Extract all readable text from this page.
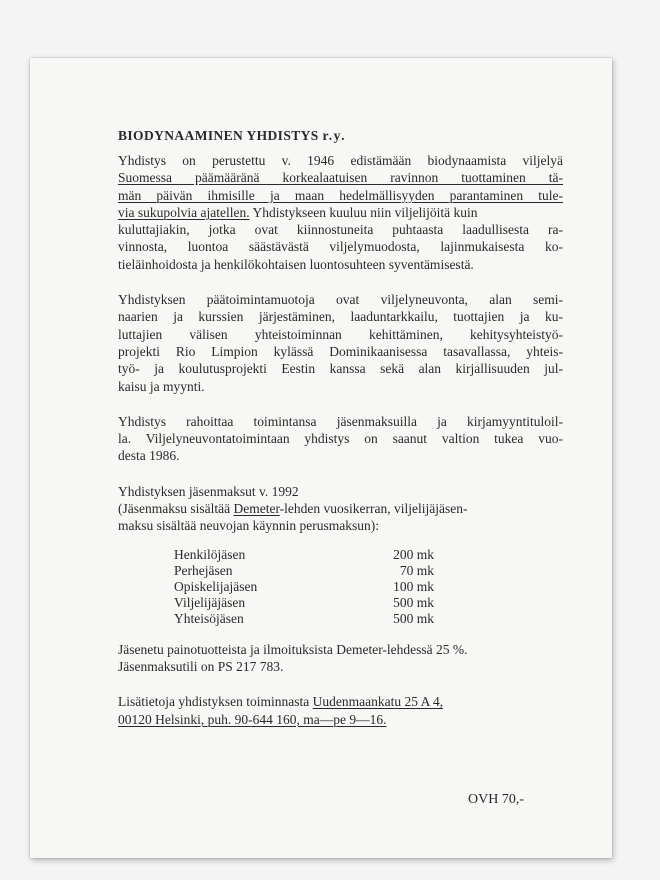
BIODYNAAMINEN YHDISTYS r.y.
Yhdistys on perustettu v. 1946 edistämään biodynaamista viljelyä
Suomessa päämääränä korkealaatuisen ravinnon tuottaminen tä-
män päivän ihmisille ja maan hedelmällisyyden parantaminen tule-
via sukupolvia ajatellen. Yhdistykseen kuuluu niin viljelijöitä kuin
kuluttajiakin, jotka ovat kiinnostuneita puhtaasta laadullisesta ra-
vinnosta, luontoa säästävästä viljelymuodosta, lajinmukaisesta ko-
tieläinhoidosta ja henkilökohtaisen luontosuhteen syventämisestä.
Yhdistyksen päätoimintamuotoja ovat viljelyneuvonta, alan semi-
naarien ja kurssien järjestäminen, laaduntarkkailu, tuottajien ja ku-
luttajien välisen yhteistoiminnan kehittäminen, kehitysyhteistyö-
projekti Rio Limpion kylässä Dominikaanisessa tasavallassa, yhteis-
työ- ja koulutusprojekti Eestin kanssa sekä alan kirjallisuuden jul-
kaisu ja myynti.
Yhdistys rahoittaa toimintansa jäsenmaksuilla ja kirjamyyntituloil-
la. Viljelyneuvontatoimintaan yhdistys on saanut valtion tukea vuo-
desta 1986.
Yhdistyksen jäsenmaksut v. 1992
(Jäsenmaksu sisältää Demeter-lehden vuosikerran, viljelijäjäsen-
maksu sisältää neuvojan käynnin perusmaksun):
Henkilöjäsen	200 mk
Perhejäsen	70 mk
Opiskelijajäsen	100 mk
Viljelijäjäsen	500 mk
Yhteisöjäsen	500 mk
Jäsenetu painotuotteista ja ilmoituksista Demeter-lehdessä 25 %.
Jäsenmaksutili on PS 217 783.
Lisätietoja yhdistyksen toiminnasta Uudenmaankatu 25 A 4,
00120 Helsinki, puh. 90-644 160, ma—pe 9—16.
OVH 70,-
